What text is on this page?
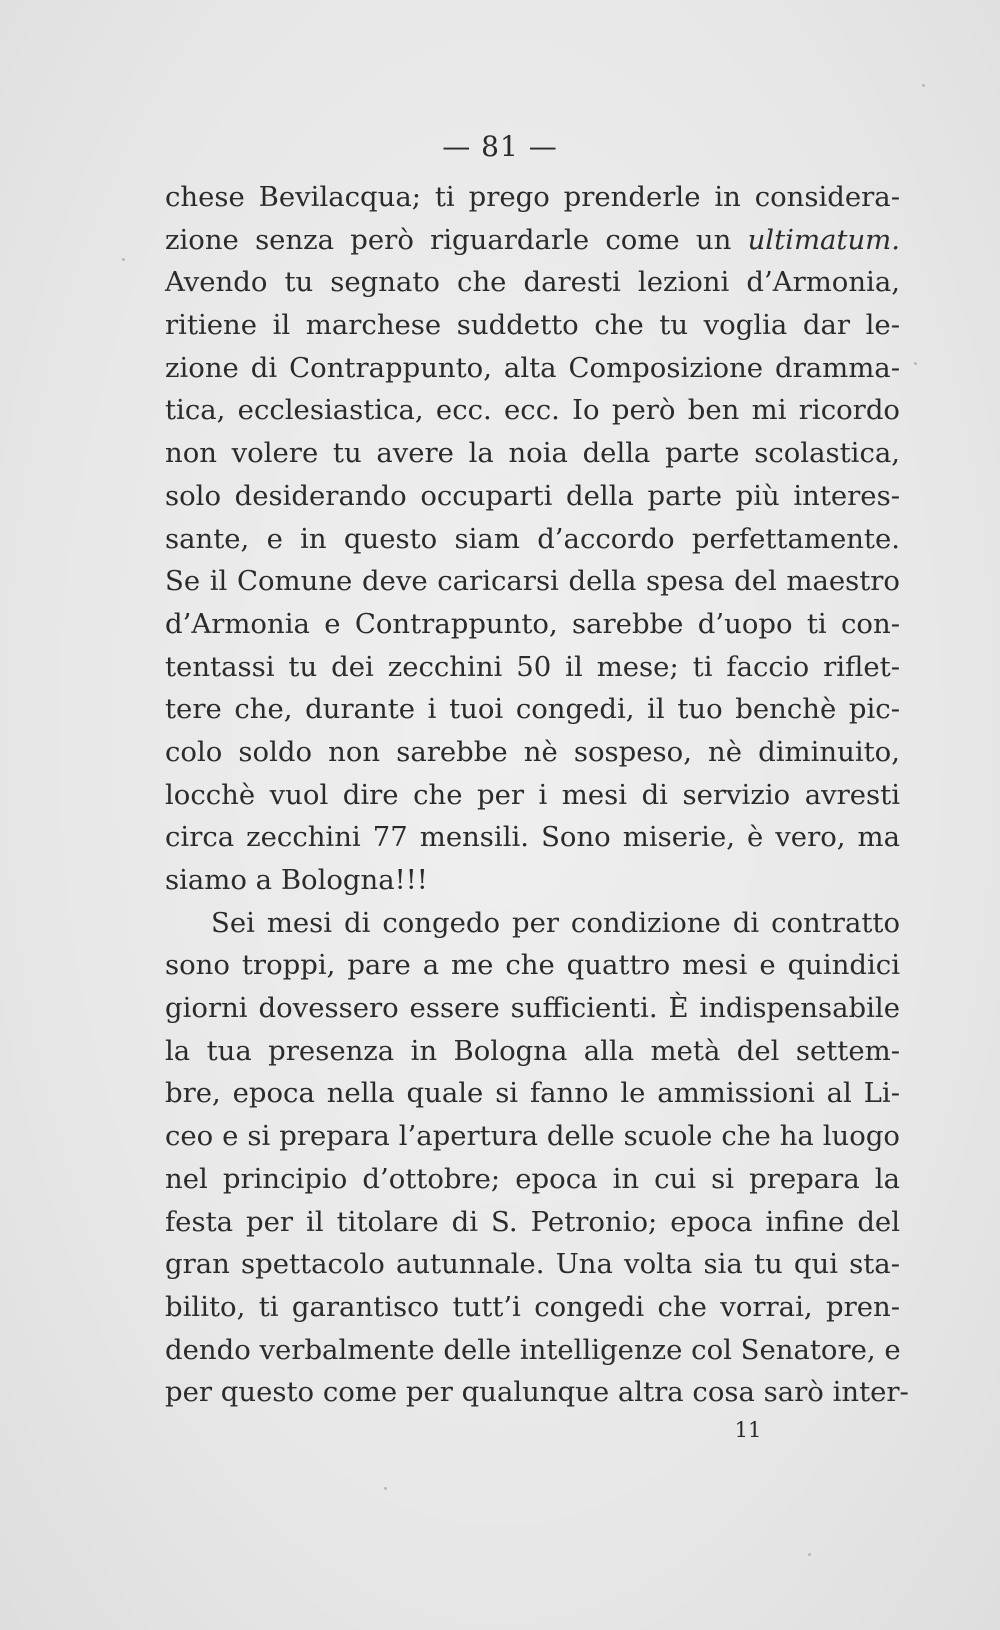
— 81 —
chese Bevilacqua; ti prego prenderle in considera-
zione senza però riguardarle come un ultimatum.
Avendo tu segnato che daresti lezioni d’Armonia,
ritiene il marchese suddetto che tu voglia dar le-
zione di Contrappunto, alta Composizione dramma-
tica, ecclesiastica, ecc. ecc. Io però ben mi ricordo
non volere tu avere la noia della parte scolastica,
solo desiderando occuparti della parte più interes-
sante, e in questo siam d’accordo perfettamente.
Se il Comune deve caricarsi della spesa del maestro
d’Armonia e Contrappunto, sarebbe d’uopo ti con-
tentassi tu dei zecchini 50 il mese; ti faccio riflet-
tere che, durante i tuoi congedi, il tuo benchè pic-
colo soldo non sarebbe nè sospeso, nè diminuito,
locchè vuol dire che per i mesi di servizio avresti
circa zecchini 77 mensili. Sono miserie, è vero, ma
siamo a Bologna!!!
Sei mesi di congedo per condizione di contratto
sono troppi, pare a me che quattro mesi e quindici
giorni dovessero essere sufficienti. È indispensabile
la tua presenza in Bologna alla metà del settem-
bre, epoca nella quale si fanno le ammissioni al Li-
ceo e si prepara l’apertura delle scuole che ha luogo
nel principio d’ottobre; epoca in cui si prepara la
festa per il titolare di S. Petronio; epoca infine del
gran spettacolo autunnale. Una volta sia tu qui sta-
bilito, ti garantisco tutt’i congedi che vorrai, pren-
dendo verbalmente delle intelligenze col Senatore, e
per questo come per qualunque altra cosa sarò inter-
11
